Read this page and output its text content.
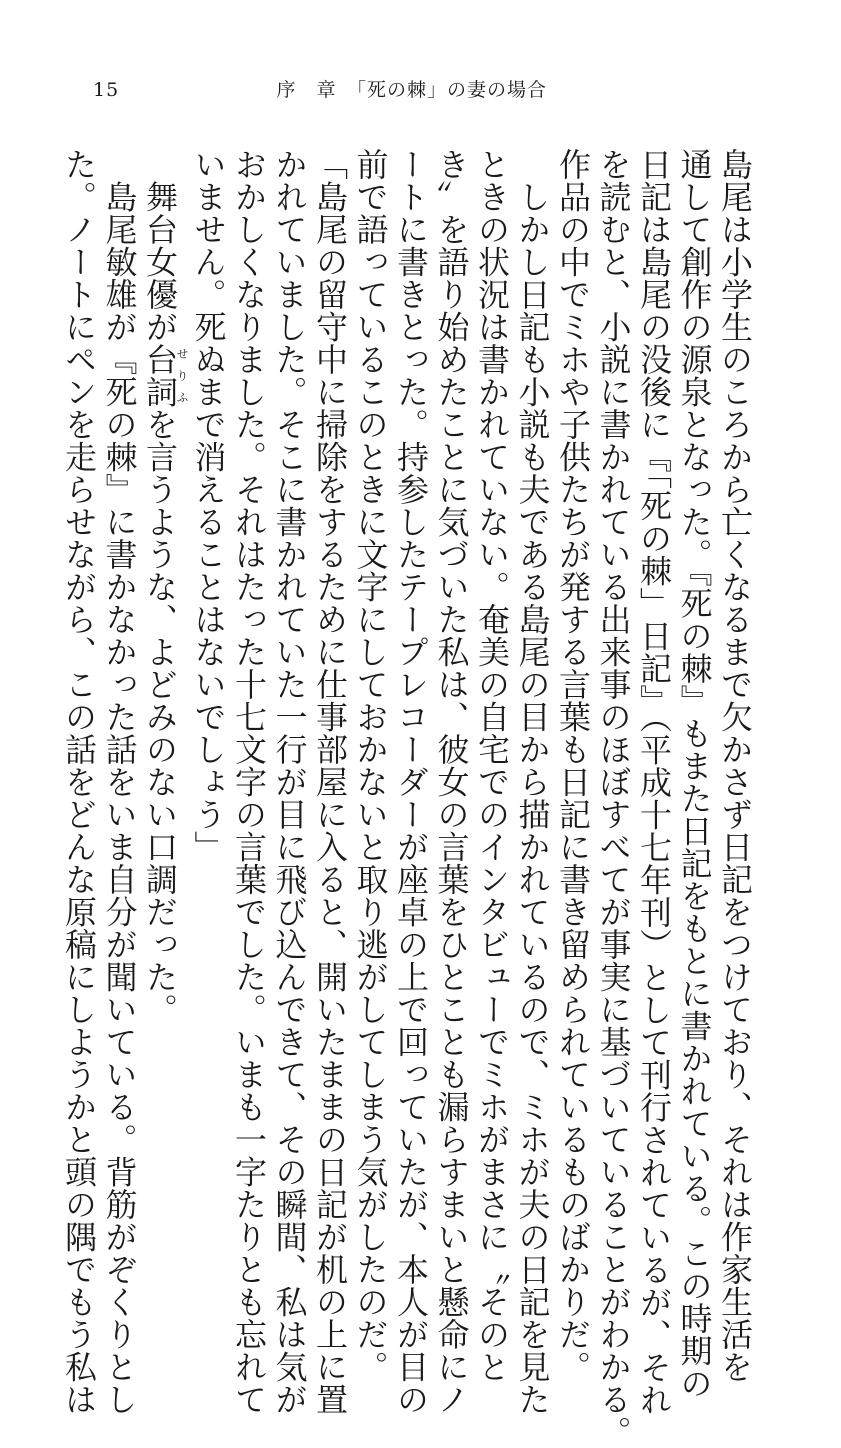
15	序　章　「死の棘」の妻の場合
島尾は小学生のころから亡くなるまで欠かさず日記をつけており、それは作家生活を
通して創作の源泉となった。『死の棘』もまた日記をもとに書かれている。この時期の
日記は島尾の没後に『「死の棘」日記』（平成十七年刊）として刊行されているが、それ
を読むと、小説に書かれている出来事のほぼすべてが事実に基づいていることがわかる。
作品の中でミホや子供たちが発する言葉も日記に書き留められているものばかりだ。
　しかし日記も小説も夫である島尾の目から描かれているので、ミホが夫の日記を見た
ときの状況は書かれていない。奄美の自宅でのインタビューでミホがまさに〝そのと
き〟を語り始めたことに気づいた私は、彼女の言葉をひとことも漏らすまいと懸命にノ
ートに書きとった。持参したテープレコーダーが座卓の上で回っていたが、本人が目の
前で語っているこのときに文字にしておかないと取り逃がしてしまう気がしたのだ。
「島尾の留守中に掃除をするために仕事部屋に入ると、開いたままの日記が机の上に置
かれていました。そこに書かれていた一行が目に飛び込んできて、その瞬間、私は気が
おかしくなりました。それはたった十七文字の言葉でした。いまも一字たりとも忘れて
いません。死ぬまで消えることはないでしょう」
　舞台女優が台詞せりふを言うような、よどみのない口調だった。
　島尾敏雄が『死の棘』に書かなかった話をいま自分が聞いている。背筋がぞくりとし
た。ノートにペンを走らせながら、この話をどんな原稿にしようかと頭の隅でもう私は
